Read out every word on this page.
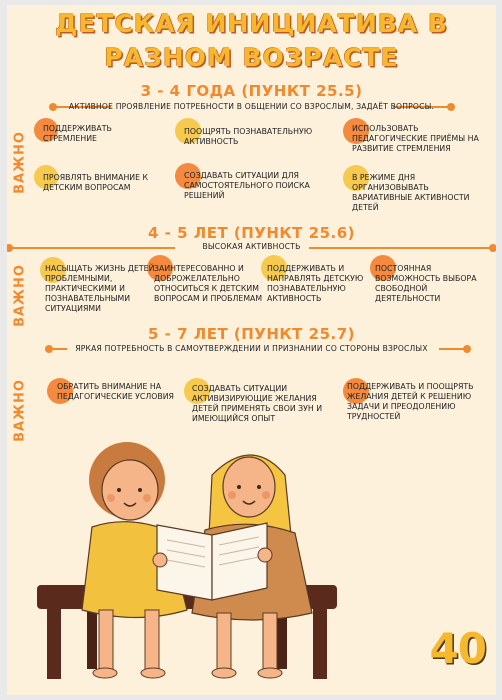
ДЕТСКАЯ ИНИЦИАТИВА В
РАЗНОМ ВОЗРАСТЕ
3 - 4 ГОДА (ПУНКТ 25.5)
АКТИВНОЕ ПРОЯВЛЕНИЕ ПОТРЕБНОСТИ В ОБЩЕНИИ СО ВЗРОСЛЫМ, ЗАДАЁТ ВОПРОСЫ.
ВАЖНО
ПОДДЕРЖИВАТЬ СТРЕМЛЕНИЕ
ПООЩРЯТЬ ПОЗНАВАТЕЛЬНУЮ АКТИВНОСТЬ
ИСПОЛЬЗОВАТЬ ПЕДАГОГИЧЕСКИЕ ПРИЁМЫ НА РАЗВИТИЕ СТРЕМЛЕНИЯ
ПРОЯВЛЯТЬ ВНИМАНИЕ К ДЕТСКИМ ВОПРОСАМ
СОЗДАВАТЬ СИТУАЦИИ ДЛЯ САМОСТОЯТЕЛЬНОГО ПОИСКА РЕШЕНИЙ
В РЕЖИМЕ ДНЯ ОРГАНИЗОВЫВАТЬ ВАРИАТИВНЫЕ АКТИВНОСТИ ДЕТЕЙ
4 - 5 ЛЕТ (ПУНКТ 25.6)
ВЫСОКАЯ АКТИВНОСТЬ
ВАЖНО НАСЫЩАТЬ ЖИЗНЬ ДЕТЕЙ ПРОБЛЕМНЫМИ, ПРАКТИЧЕСКИМИ И ПОЗНАВАТЕЛЬНЫМИ СИТУАЦИЯМИ
ЗАИНТЕРЕСОВАННО И ДОБРОЖЕЛАТЕЛЬНО ОТНОСИТЬСЯ К ДЕТСКИМ ВОПРОСАМ И ПРОБЛЕМАМ
ПОДДЕРЖИВАТЬ И НАПРАВЛЯТЬ ДЕТСКУЮ ПОЗНАВАТЕЛЬНУЮ АКТИВНОСТЬ
ПОСТОЯННАЯ ВОЗМОЖНОСТЬ ВЫБОРА СВОБОДНОЙ ДЕЯТЕЛЬНОСТИ
5 - 7 ЛЕТ (ПУНКТ 25.7)
ЯРКАЯ ПОТРЕБНОСТЬ В САМОУТВЕРЖДЕНИИ И ПРИЗНАНИИ СО СТОРОНЫ ВЗРОСЛЫХ
ВАЖНО	ОБРАТИТЬ ВНИМАНИЕ НА ПЕДАГОГИЧЕСКИЕ УСЛОВИЯ
СОЗДАВАТЬ СИТУАЦИИ АКТИВИЗИРУЮЩИЕ ЖЕЛАНИЯ ДЕТЕЙ ПРИМЕНЯТЬ СВОИ ЗУН И ИМЕЮЩИЙСЯ ОПЫТ
ПОДДЕРЖИВАТЬ И ПООЩРЯТЬ ЖЕЛАНИЯ ДЕТЕЙ К РЕШЕНИЮ ЗАДАЧИ И ПРЕОДОЛЕНИЮ ТРУДНОСТЕЙ
40
